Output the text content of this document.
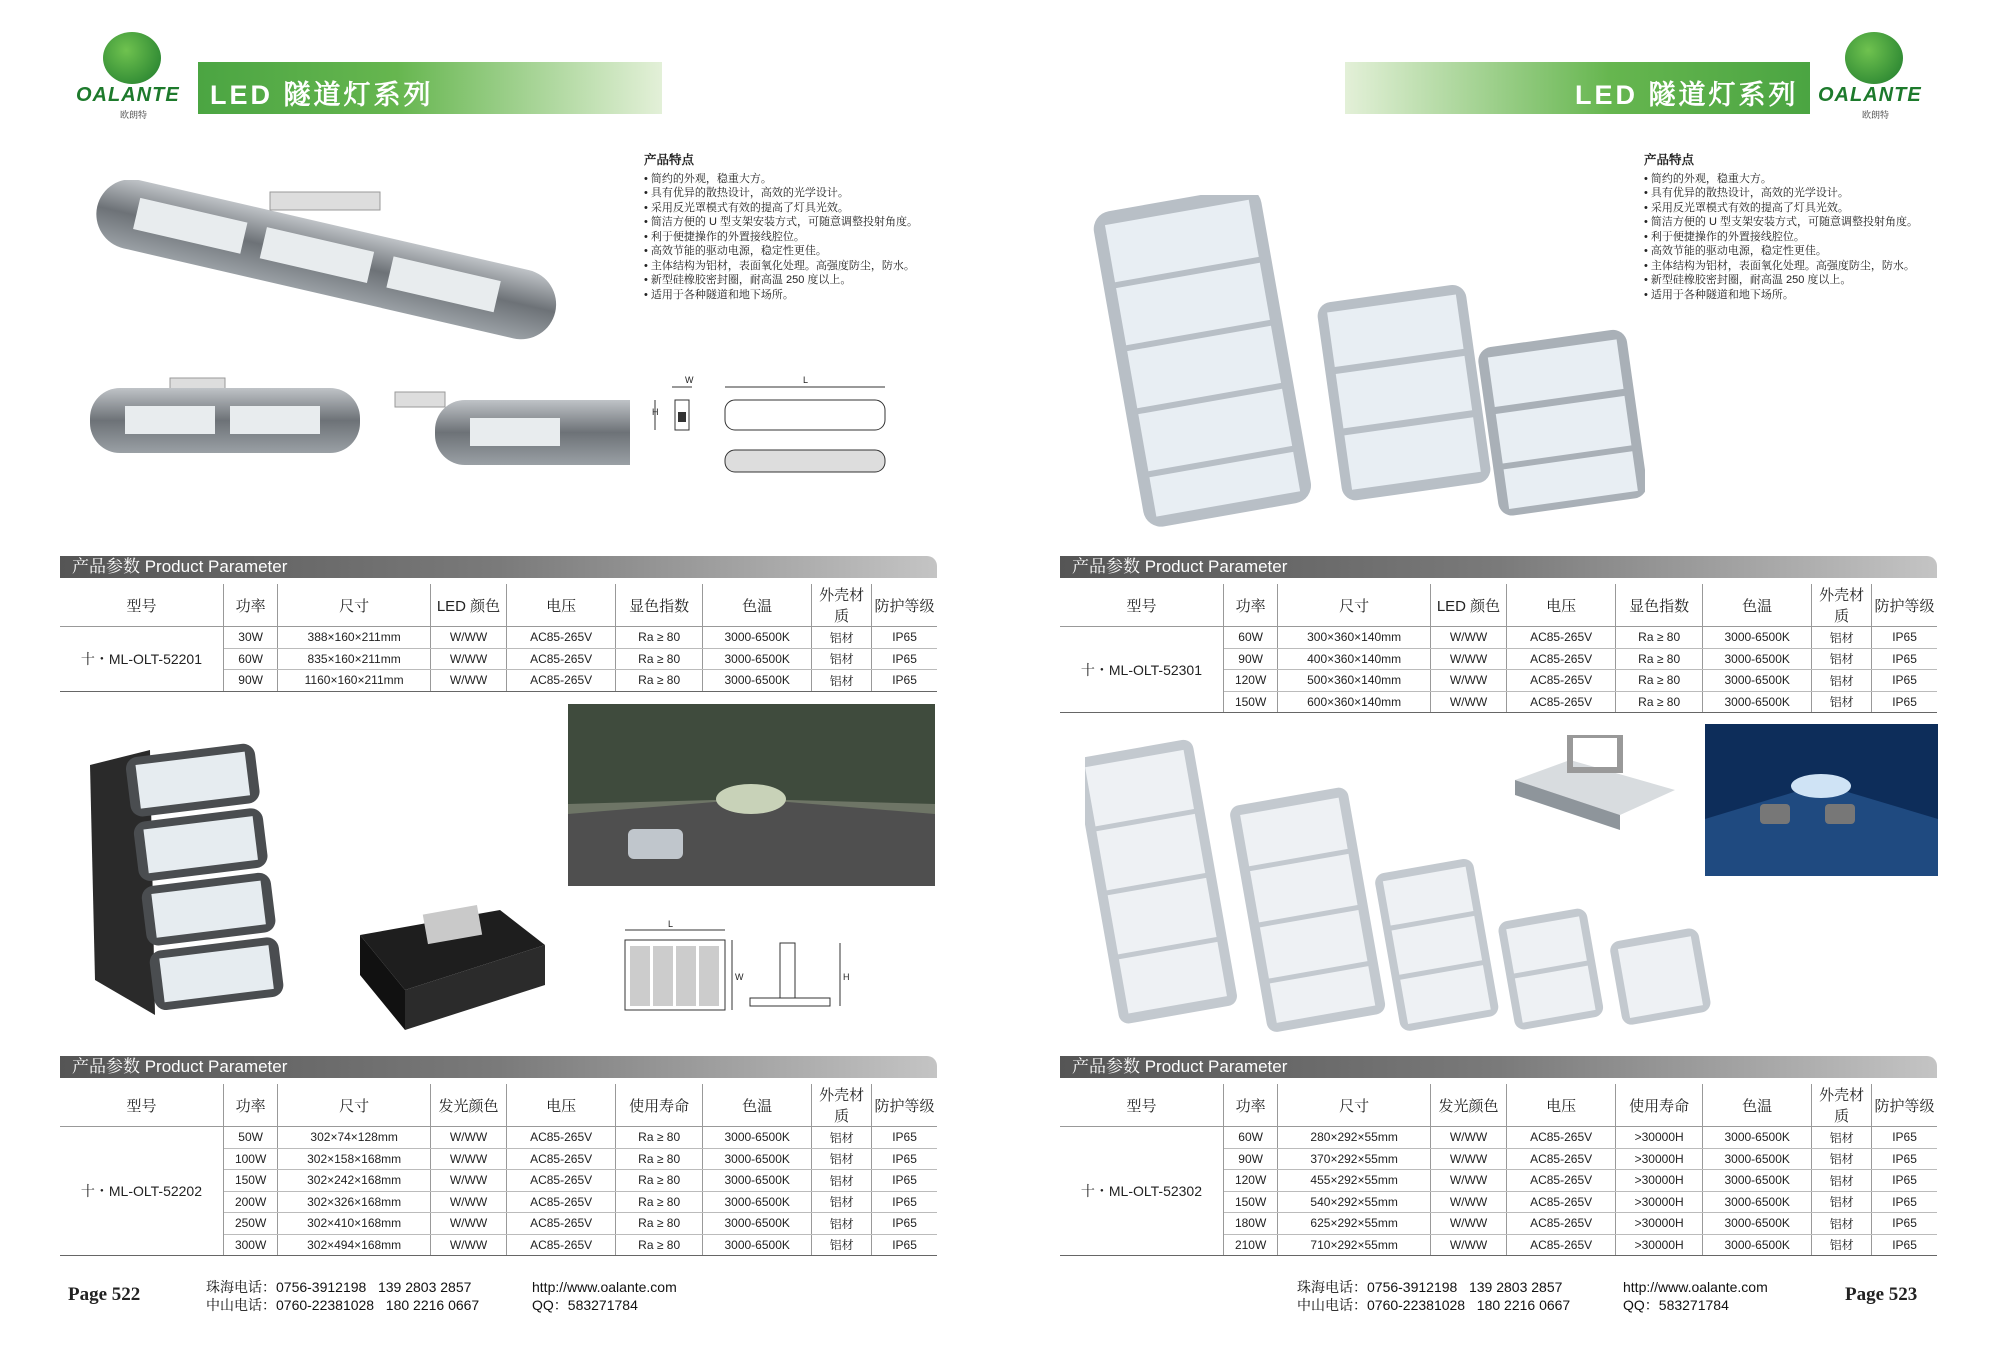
OALANTE
欧朗特
LED 隧道灯系列
产品特点
• 简约的外观，稳重大方。
• 具有优异的散热设计，高效的光学设计。
• 采用反光罩模式有效的提高了灯具光效。
• 简洁方便的 U 型支架安装方式，可随意调整投射角度。
• 利于便捷操作的外置接线腔位。
• 高效节能的驱动电源，稳定性更佳。
• 主体结构为铝材，表面氧化处理。高强度防尘，防水。
• 新型硅橡胶密封圈，耐高温 250 度以上。
• 适用于各种隧道和地下场所。
W
H
L
产品参数 Product Parameter
型号	功率	尺寸	LED 颜色	电压	显色指数	色温	外壳材质	防护等级
十・ML-OLT-52201	30W	388×160×211mm	W/WW	AC85-265V	Ra ≥ 80	3000-6500K	铝材	IP65
	60W	835×160×211mm	W/WW	AC85-265V	Ra ≥ 80	3000-6500K	铝材	IP65
	90W	1160×160×211mm	W/WW	AC85-265V	Ra ≥ 80	3000-6500K	铝材	IP65
L
W	H
产品参数 Product Parameter
型号	功率	尺寸	发光颜色	电压	使用寿命	色温	外壳材质	防护等级
十・ML-OLT-52202	50W	302×74×128mm	W/WW	AC85-265V	Ra ≥ 80	3000-6500K	铝材	IP65
	100W	302×158×168mm	W/WW	AC85-265V	Ra ≥ 80	3000-6500K	铝材	IP65
	150W	302×242×168mm	W/WW	AC85-265V	Ra ≥ 80	3000-6500K	铝材	IP65
	200W	302×326×168mm	W/WW	AC85-265V	Ra ≥ 80	3000-6500K	铝材	IP65
	250W	302×410×168mm	W/WW	AC85-265V	Ra ≥ 80	3000-6500K	铝材	IP65
	300W	302×494×168mm	W/WW	AC85-265V	Ra ≥ 80	3000-6500K	铝材	IP65
Page 522	珠海电话：0756-3912198 139 2803 2857
中山电话：0760-22381028 180 2216 0667
http://www.oalante.com
QQ：583271784
OALANTE
欧朗特
LED 隧道灯系列
产品特点
• 简约的外观，稳重大方。
• 具有优异的散热设计，高效的光学设计。
• 采用反光罩模式有效的提高了灯具光效。
• 简洁方便的 U 型支架安装方式，可随意调整投射角度。
• 利于便捷操作的外置接线腔位。
• 高效节能的驱动电源，稳定性更佳。
• 主体结构为铝材，表面氧化处理。高强度防尘，防水。
• 新型硅橡胶密封圈，耐高温 250 度以上。
• 适用于各种隧道和地下场所。
产品参数 Product Parameter
型号	功率	尺寸	LED 颜色	电压	显色指数	色温	外壳材质	防护等级
十・ML-OLT-52301	60W	300×360×140mm	W/WW	AC85-265V	Ra ≥ 80	3000-6500K	铝材	IP65
	90W	400×360×140mm	W/WW	AC85-265V	Ra ≥ 80	3000-6500K	铝材	IP65
	120W	500×360×140mm	W/WW	AC85-265V	Ra ≥ 80	3000-6500K	铝材	IP65
	150W	600×360×140mm	W/WW	AC85-265V	Ra ≥ 80	3000-6500K	铝材	IP65
产品参数 Product Parameter
型号	功率	尺寸	发光颜色	电压	使用寿命	色温	外壳材质	防护等级
十・ML-OLT-52302	60W	280×292×55mm	W/WW	AC85-265V	>30000H	3000-6500K	铝材	IP65
	90W	370×292×55mm	W/WW	AC85-265V	>30000H	3000-6500K	铝材	IP65
	120W	455×292×55mm	W/WW	AC85-265V	>30000H	3000-6500K	铝材	IP65
	150W	540×292×55mm	W/WW	AC85-265V	>30000H	3000-6500K	铝材	IP65
	180W	625×292×55mm	W/WW	AC85-265V	>30000H	3000-6500K	铝材	IP65
	210W	710×292×55mm	W/WW	AC85-265V	>30000H	3000-6500K	铝材	IP65
珠海电话：0756-3912198 139 2803 2857
中山电话：0760-22381028 180 2216 0667
http://www.oalante.com
QQ：583271784	Page 523
